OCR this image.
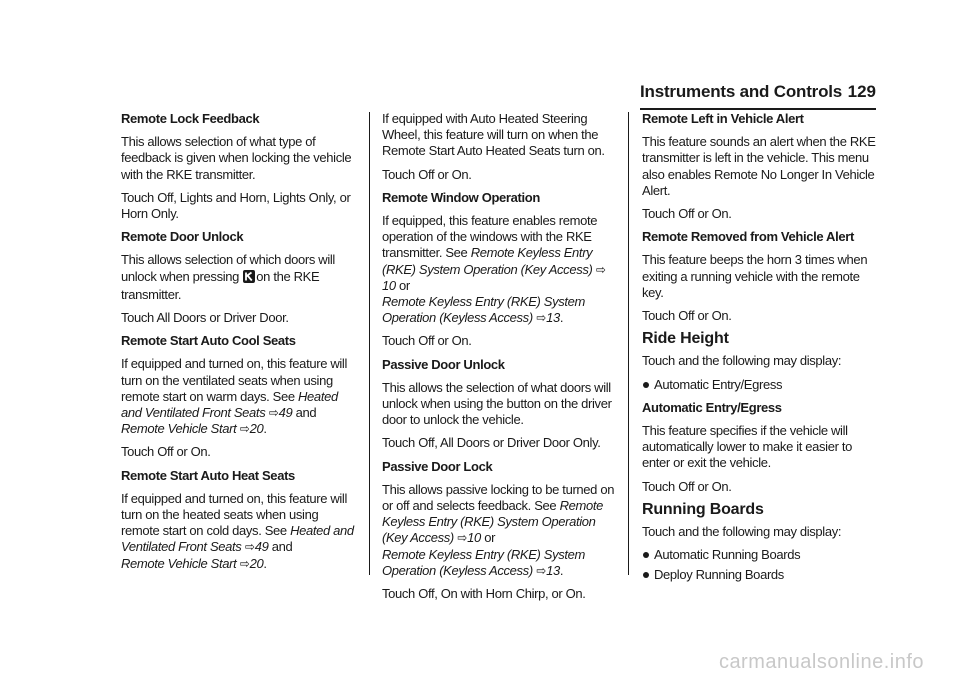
Instruments and Controls 129
Remote Lock Feedback
This allows selection of what type of feedback is given when locking the vehicle with the RKE transmitter.
Touch Off, Lights and Horn, Lights Only, or Horn Only.
Remote Door Unlock
This allows selection of which doors will unlock when pressing on the RKE transmitter.
Touch All Doors or Driver Door.
Remote Start Auto Cool Seats
If equipped and turned on, this feature will turn on the ventilated seats when using remote start on warm days. See Heated and Ventilated Front Seats ⇨49 and
Remote Vehicle Start ⇨20.
Touch Off or On.
Remote Start Auto Heat Seats
If equipped and turned on, this feature will turn on the heated seats when using remote start on cold days. See Heated and Ventilated Front Seats ⇨49 and
Remote Vehicle Start ⇨20.
If equipped with Auto Heated Steering Wheel, this feature will turn on when the Remote Start Auto Heated Seats turn on.
Touch Off or On.
Remote Window Operation
If equipped, this feature enables remote operation of the windows with the RKE transmitter. See Remote Keyless Entry (RKE) System Operation (Key Access) ⇨10 or
Remote Keyless Entry (RKE) System Operation (Keyless Access) ⇨13.
Touch Off or On.
Passive Door Unlock
This allows the selection of what doors will unlock when using the button on the driver door to unlock the vehicle.
Touch Off, All Doors or Driver Door Only.
Passive Door Lock
This allows passive locking to be turned on or off and selects feedback. See Remote Keyless Entry (RKE) System Operation (Key Access) ⇨10 or
Remote Keyless Entry (RKE) System Operation (Keyless Access) ⇨13.
Touch Off, On with Horn Chirp, or On.
Remote Left in Vehicle Alert
This feature sounds an alert when the RKE transmitter is left in the vehicle. This menu also enables Remote No Longer In Vehicle Alert.
Touch Off or On.
Remote Removed from Vehicle Alert
This feature beeps the horn 3 times when exiting a running vehicle with the remote key.
Touch Off or On.
Ride Height
Touch and the following may display:
Automatic Entry/Egress
Automatic Entry/Egress
This feature specifies if the vehicle will automatically lower to make it easier to enter or exit the vehicle.
Touch Off or On.
Running Boards
Touch and the following may display:
Automatic Running Boards
Deploy Running Boards
carmanualsonline.info
